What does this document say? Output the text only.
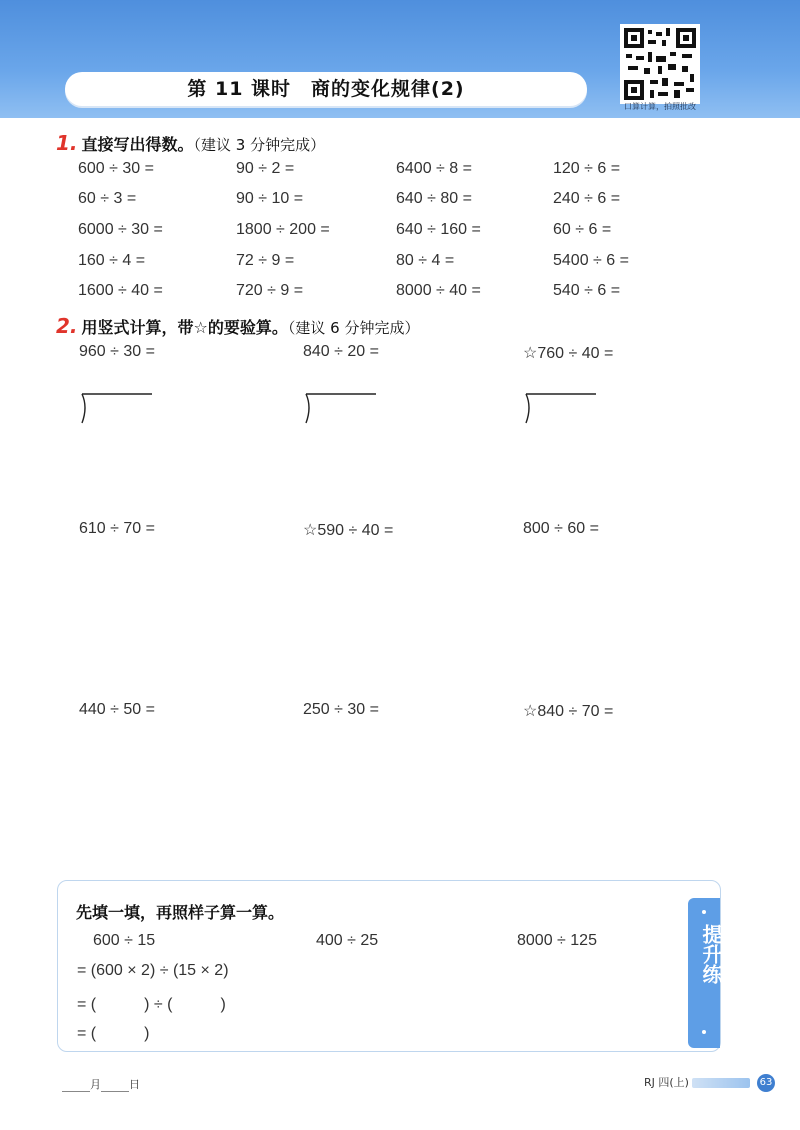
第 11 课时　商的变化规律(2)
口算计算，拍照批改
1. 直接写出得数。（建议 3 分钟完成）
600 ÷ 30 =	90 ÷ 2 =	6400 ÷ 8 =	120 ÷ 6 =
60 ÷ 3 =	90 ÷ 10 =	640 ÷ 80 =	240 ÷ 6 =
6000 ÷ 30 =	1800 ÷ 200 =	640 ÷ 160 =	60 ÷ 6 =
160 ÷ 4 =	72 ÷ 9 =	80 ÷ 4 =	5400 ÷ 6 =
1600 ÷ 40 =	720 ÷ 9 =	8000 ÷ 40 =	540 ÷ 6 =
2. 用竖式计算，带☆的要验算。（建议 6 分钟完成）
960 ÷ 30 =	840 ÷ 20 =	☆760 ÷ 40 =
610 ÷ 70 =	☆590 ÷ 40 =	800 ÷ 60 =
440 ÷ 50 =	250 ÷ 30 =	☆840 ÷ 70 =
先填一填，再照样子算一算。
600 ÷ 15	400 ÷ 25	8000 ÷ 125
= (600 × 2) ÷ (15 × 2)
= (　　　) ÷ (　　　)
= (　　　)
提升练
月	日	RJ 四(上)	63
